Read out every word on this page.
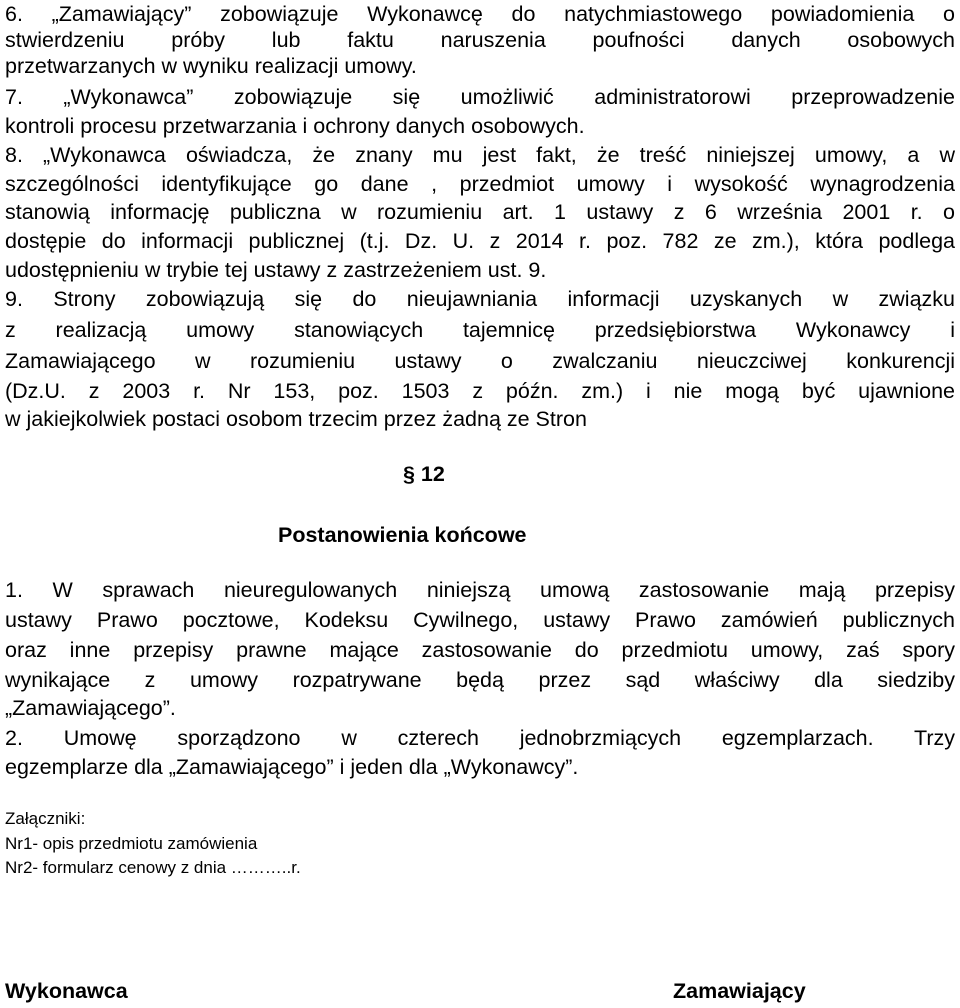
6. „Zamawiający” zobowiązuje Wykonawcę do natychmiastowego powiadomienia o
stwierdzeniu próby lub faktu naruszenia poufności danych osobowych
przetwarzanych w wyniku realizacji umowy.
7. „Wykonawca” zobowiązuje się umożliwić administratorowi przeprowadzenie
kontroli procesu przetwarzania i ochrony danych osobowych.
8. „Wykonawca oświadcza, że znany mu jest fakt, że treść niniejszej umowy, a w
szczególności identyfikujące go dane , przedmiot umowy i wysokość wynagrodzenia
stanowią informację publiczna w rozumieniu art. 1 ustawy z 6 września 2001 r. o
dostępie do informacji publicznej (t.j. Dz. U. z 2014 r. poz. 782 ze zm.), która podlega
udostępnieniu w trybie tej ustawy z zastrzeżeniem ust. 9.
9. Strony zobowiązują się do nieujawniania informacji uzyskanych w związku
z realizacją umowy stanowiących tajemnicę przedsiębiorstwa Wykonawcy i
Zamawiającego w rozumieniu ustawy o zwalczaniu nieuczciwej konkurencji
(Dz.U. z 2003 r. Nr 153, poz. 1503 z późn. zm.) i nie mogą być ujawnione
w jakiejkolwiek postaci osobom trzecim przez żadną ze Stron
§ 12
Postanowienia końcowe
1. W sprawach nieuregulowanych niniejszą umową zastosowanie mają przepisy
ustawy Prawo pocztowe, Kodeksu Cywilnego, ustawy Prawo zamówień publicznych
oraz inne przepisy prawne mające zastosowanie do przedmiotu umowy, zaś spory
wynikające z umowy rozpatrywane będą przez sąd właściwy dla siedziby
„Zamawiającego”.
2. Umowę sporządzono w czterech jednobrzmiących egzemplarzach. Trzy
egzemplarze dla „Zamawiającego” i jeden dla „Wykonawcy”.
Załączniki:
Nr1- opis przedmiotu zamówienia
Nr2- formularz cenowy z dnia ………..r.
Wykonawca	Zamawiający
